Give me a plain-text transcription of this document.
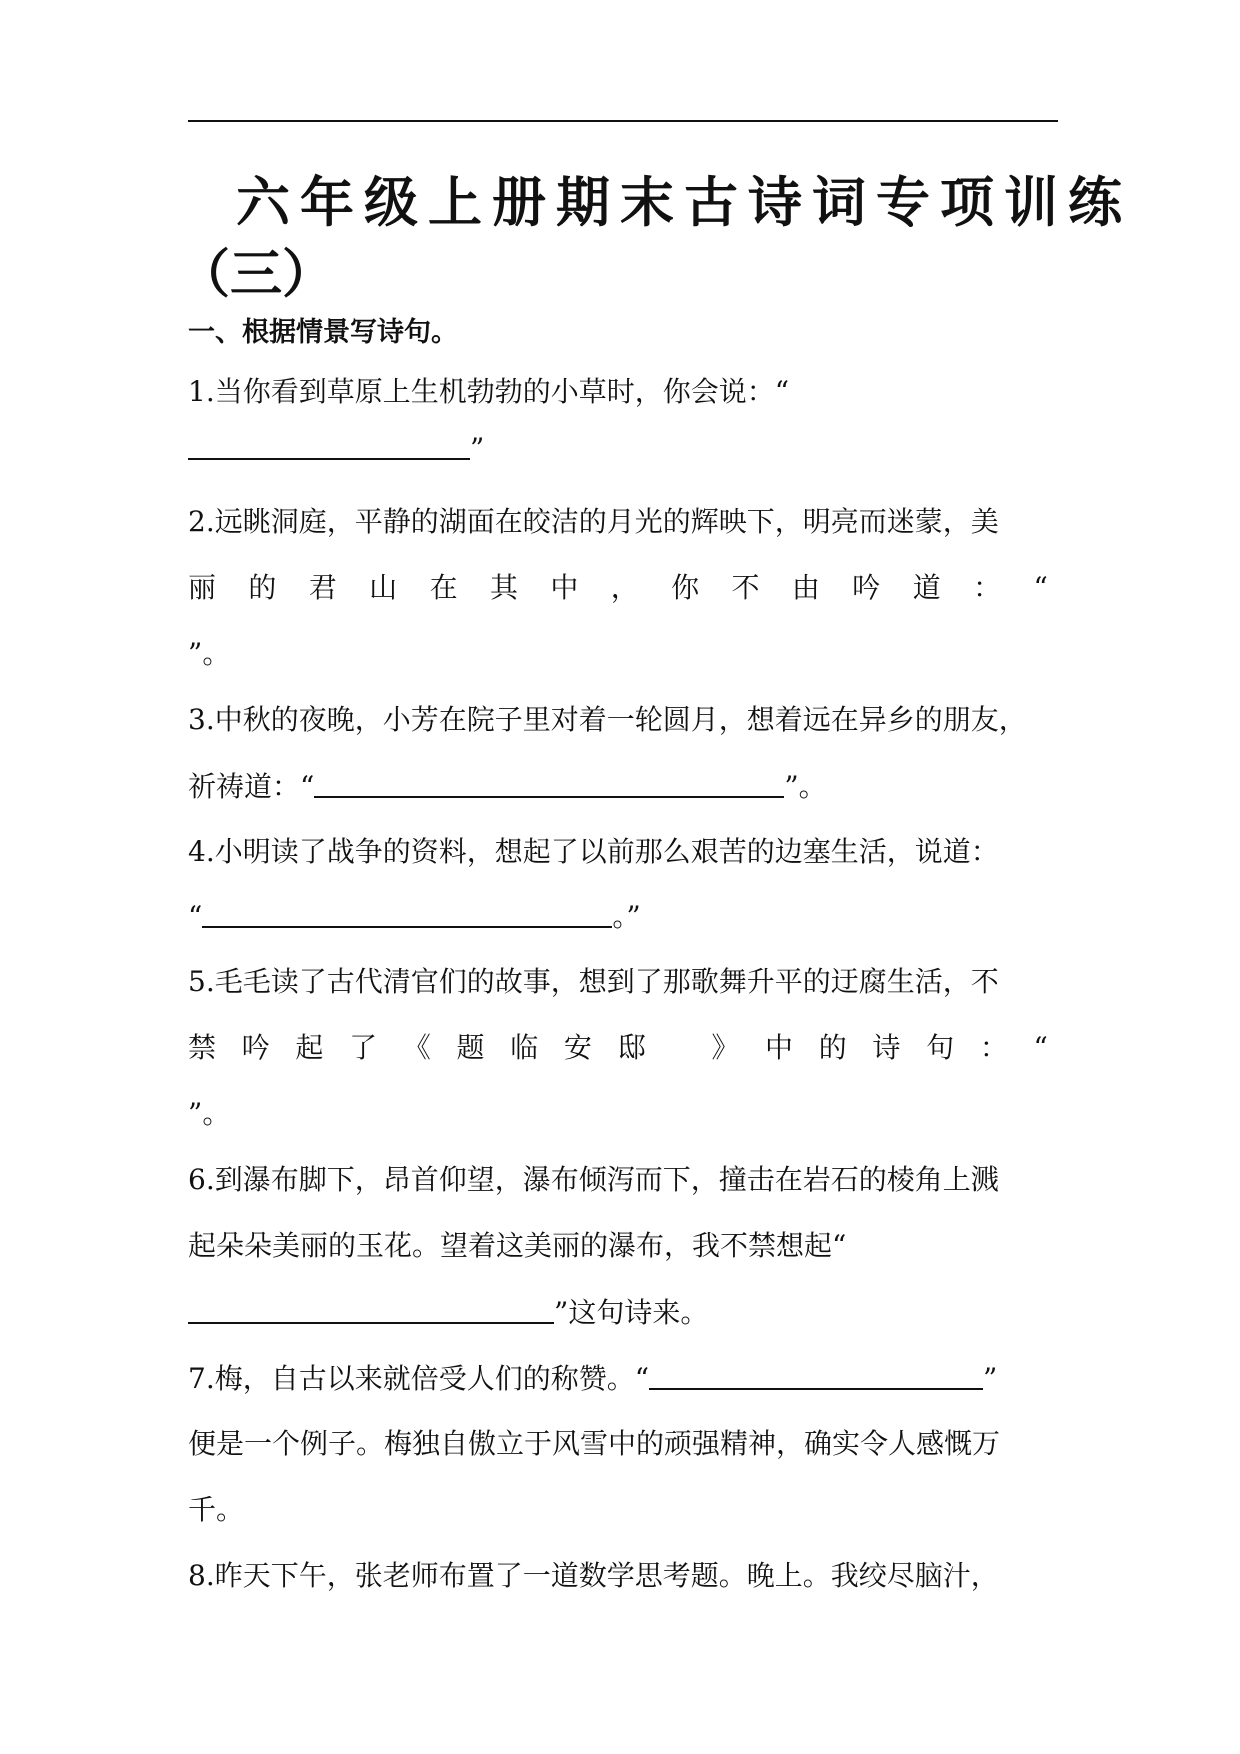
六年级上册期末古诗词专项训练
（三）
一、根据情景写诗句。
1.当你看到草原上生机勃勃的小草时，你会说：“
”
2.远眺洞庭，平静的湖面在皎洁的月光的辉映下，明亮而迷蒙，美
丽 的 君 山 在 其 中 ， 你 不 由 吟 道 ： “
”。
3.中秋的夜晚，小芳在院子里对着一轮圆月，想着远在异乡的朋友，
祈祷道：“	”。
4.小明读了战争的资料，想起了以前那么艰苦的边塞生活，说道：
“	。”
5.毛毛读了古代清官们的故事，想到了那歌舞升平的迂腐生活，不
禁 吟 起 了 《 题 临 安 邸 》 中 的 诗 句 ： “
”。
6.到瀑布脚下，昂首仰望，瀑布倾泻而下，撞击在岩石的棱角上溅
起朵朵美丽的玉花。望着这美丽的瀑布，我不禁想起“
”这句诗来。
7.梅，自古以来就倍受人们的称赞。“	”
便是一个例子。梅独自傲立于风雪中的顽强精神，确实令人感慨万
千。
8.昨天下午，张老师布置了一道数学思考题。晚上。我绞尽脑汁，
